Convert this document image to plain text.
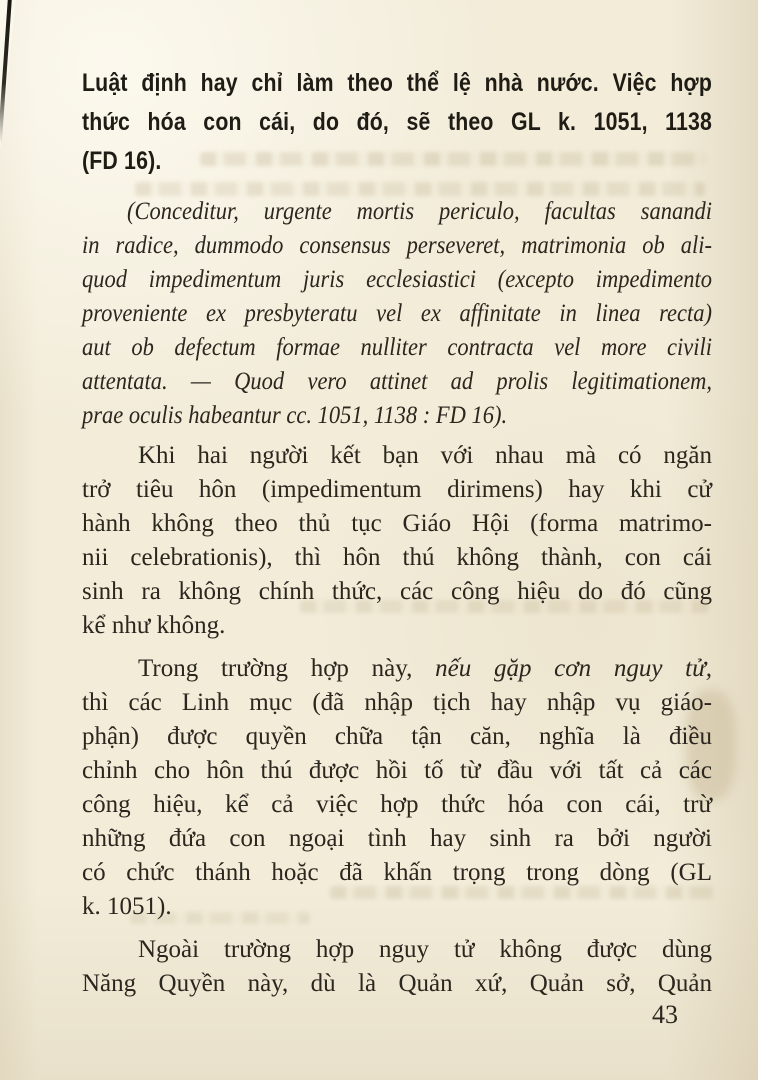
Luật định hay chỉ làm theo thể lệ nhà nước. Việc hợp
thức hóa con cái, do đó, sẽ theo GL k. 1051, 1138
(FD 16).
(Conceditur, urgente mortis periculo, facultas sanandi
in radice, dummodo consensus perseveret, matrimonia ob ali-
quod impedimentum juris ecclesiastici (excepto impedimento
proveniente ex presbyteratu vel ex affinitate in linea recta)
aut ob defectum formae nulliter contracta vel more civili
attentata. — Quod vero attinet ad prolis legitimationem,
prae oculis habeantur cc. 1051, 1138 : FD 16).
Khi hai người kết bạn với nhau mà có ngăn
trở tiêu hôn (impedimentum dirimens) hay khi cử
hành không theo thủ tục Giáo Hội (forma matrimo-
nii celebrationis), thì hôn thú không thành, con cái
sinh ra không chính thức, các công hiệu do đó cũng
kể như không.
Trong trường hợp này, nếu gặp cơn nguy tử,
thì các Linh mục (đã nhập tịch hay nhập vụ giáo-
phận) được quyền chữa tận căn, nghĩa là điều
chỉnh cho hôn thú được hồi tố từ đầu với tất cả các
công hiệu, kể cả việc hợp thức hóa con cái, trừ
những đứa con ngoại tình hay sinh ra bởi người
có chức thánh hoặc đã khấn trọng trong dòng (GL
k. 1051).
Ngoài trường hợp nguy tử không được dùng
Năng Quyền này, dù là Quản xứ, Quản sở, Quản
43
